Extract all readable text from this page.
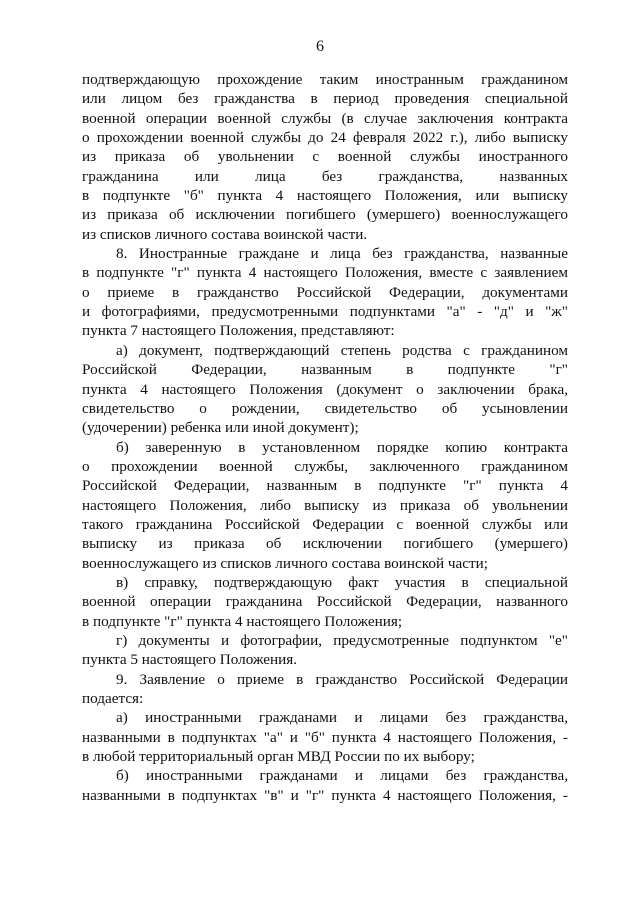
6
подтверждающую прохождение таким иностранным гражданином
или лицом без гражданства в период проведения специальной
военной операции военной службы (в случае заключения контракта
о прохождении военной службы до 24 февраля 2022 г.), либо выписку
из приказа об увольнении с военной службы иностранного
гражданина или лица без гражданства, названных
в подпункте "б" пункта 4 настоящего Положения, или выписку
из приказа об исключении погибшего (умершего) военнослужащего
из списков личного состава воинской части.
8. Иностранные граждане и лица без гражданства, названные
в подпункте "г" пункта 4 настоящего Положения, вместе с заявлением
о приеме в гражданство Российской Федерации, документами
и фотографиями, предусмотренными подпунктами "а" - "д" и "ж"
пункта 7 настоящего Положения, представляют:
а) документ, подтверждающий степень родства с гражданином
Российской Федерации, названным в подпункте "г"
пункта 4 настоящего Положения (документ о заключении брака,
свидетельство о рождении, свидетельство об усыновлении
(удочерении) ребенка или иной документ);
б) заверенную в установленном порядке копию контракта
о прохождении военной службы, заключенного гражданином
Российской Федерации, названным в подпункте "г" пункта 4
настоящего Положения, либо выписку из приказа об увольнении
такого гражданина Российской Федерации с военной службы или
выписку из приказа об исключении погибшего (умершего)
военнослужащего из списков личного состава воинской части;
в) справку, подтверждающую факт участия в специальной
военной операции гражданина Российской Федерации, названного
в подпункте "г" пункта 4 настоящего Положения;
г) документы и фотографии, предусмотренные подпунктом "е"
пункта 5 настоящего Положения.
9. Заявление о приеме в гражданство Российской Федерации
подается:
а) иностранными гражданами и лицами без гражданства,
названными в подпунктах "а" и "б" пункта 4 настоящего Положения, -
в любой территориальный орган МВД России по их выбору;
б) иностранными гражданами и лицами без гражданства,
названными в подпунктах "в" и "г" пункта 4 настоящего Положения, -
